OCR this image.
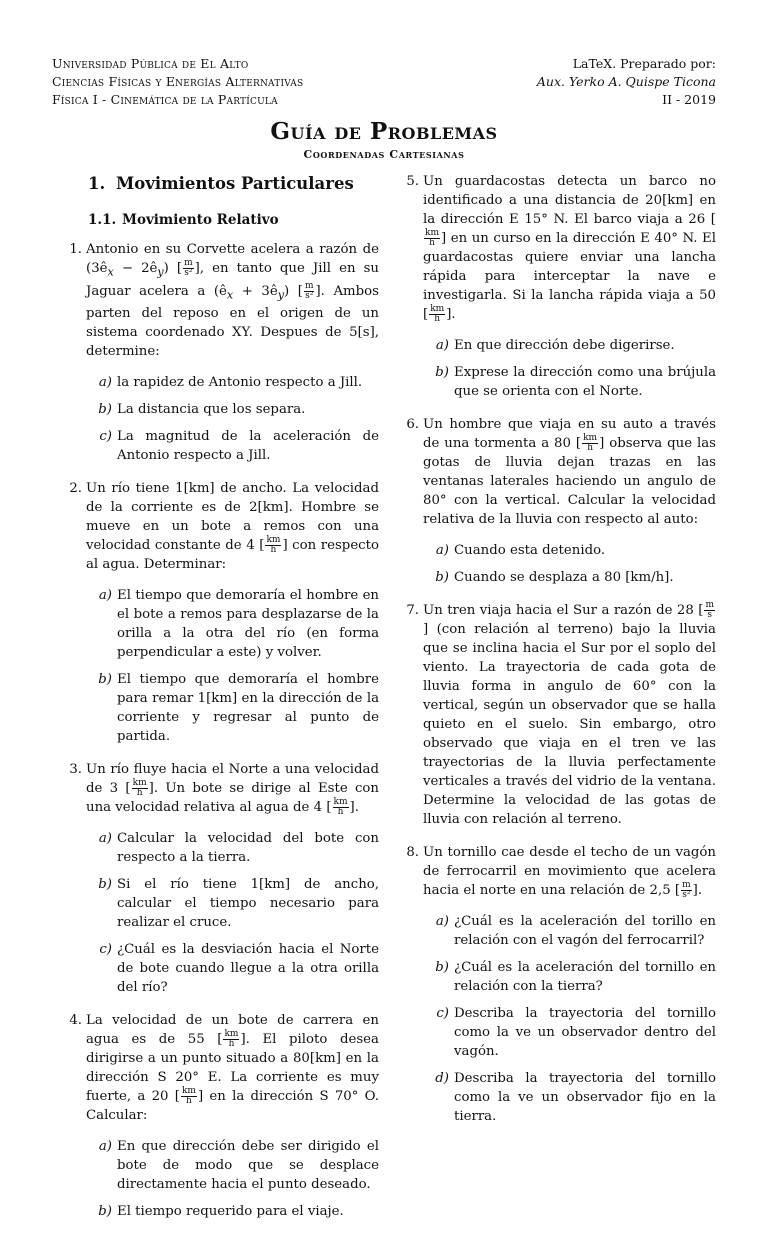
Universidad Pública de El Alto
Ciencias Físicas y Energías Alternativas
Física I - Cinemática de la Partícula
LaTeX. Preparado por:
Aux. Yerko A. Quispe Ticona
II - 2019
Guía de Problemas
Coordenadas Cartesianas
1. Movimientos Particulares
1.1. Movimiento Relativo
1. Antonio en su Corvette acelera a razón de ($3ê_x$ − $2ê_y$) [ $\frac{m}{\text{s²}}$ ], en tanto que Jill en su Jaguar acelera a ($ê_x$ + $3ê_y$) [ $\frac{m}{\text{s²}}$ ]. Ambos parten del reposo en el origen de un sistema coordenado XY. Despues de 5[s], determine:
a) la rapidez de Antonio respecto a Jill.
b) La distancia que los separa.
c) La magnitud de la aceleración de Antonio respecto a Jill.
2. Un río tiene 1[km] de ancho. La velocidad de la corriente es de 2[km]. Hombre se mueve en un bote a remos con una velocidad constante de 4 [ $\frac{km}{h}$ ] con respecto al agua. Determinar:
a) El tiempo que demoraría el hombre en el bote a remos para desplazarse de la orilla a la otra del río (en forma perpendicular a este) y volver.
b) El tiempo que demoraría el hombre para remar 1[km] en la dirección de la corriente y regresar al punto de partida.
3. Un río fluye hacia el Norte a una velocidad de 3 [ $\frac{km}{h}$ ]. Un bote se dirige al Este con una velocidad relativa al agua de 4 [ $\frac{km}{h}$ ].
a) Calcular la velocidad del bote con respecto a la tierra.
b) Si el río tiene 1[km] de ancho, calcular el tiempo necesario para realizar el cruce.
c) ¿Cuál es la desviación hacia el Norte de bote cuando llegue a la otra orilla del río?
4. La velocidad de un bote de carrera en agua es de 55 [ $\frac{km}{h}$ ]. El piloto desea dirigirse a un punto situado a 80[km] en la dirección S 20° E. La corriente es muy fuerte, a 20 [ $\frac{km}{h}$ ] en la dirección S 70° O. Calcular:
a) En que dirección debe ser dirigido el bote de modo que se desplace directamente hacia el punto deseado.
b) El tiempo requerido para el viaje.
5. Un guardacostas detecta un barco no identificado a una distancia de 20[km] en la dirección E 15° N. El barco viaja a 26 [
$\frac{km}{h}$ ] en un curso en la dirección E 40° N. El guardacostas quiere enviar una lancha rápida para interceptar la nave e investigarla. Si la lancha rápida viaja a 50 [ $\frac{km}{h}$ ].
a) En que dirección debe digerirse.
b) Exprese la dirección como una brújula que se orienta con el Norte.
6. Un hombre que viaja en su auto a través de una tormenta a 80 [ $\frac{km}{h}$ ] observa que las gotas de lluvia dejan trazas en las ventanas laterales haciendo un angulo de 80° con la vertical. Calcular la velocidad relativa de la lluvia con respecto al auto:
a) Cuando esta detenido.
b) Cuando se desplaza a 80 [km/h].
7. Un tren viaja hacia el Sur a razón de 28 [ $\frac{m}{s}$
] (con relación al terreno) bajo la lluvia que se inclina hacia el Sur por el soplo del viento. La trayectoria de cada gota de lluvia forma in angulo de 60° con la vertical, según un observador que se halla quieto en el suelo. Sin embargo, otro observado que viaja en el tren ve las trayectorias de la lluvia perfectamente verticales a través del vidrio de la ventana. Determine la velocidad de las gotas de lluvia con relación al terreno.
8. Un tornillo cae desde el techo de un vagón de ferrocarril en movimiento que acelera hacia el norte en una relación de 2,5 [ $\frac{m}{\text{s²}}$ ].
a) ¿Cuál es la aceleración del torillo en relación con el vagón del ferrocarril?
b) ¿Cuál es la aceleración del tornillo en relación con la tierra?
c) Describa la trayectoria del tornillo como la ve un observador dentro del vagón.
d) Describa la trayectoria del tornillo como la ve un observador fijo en la tierra.
